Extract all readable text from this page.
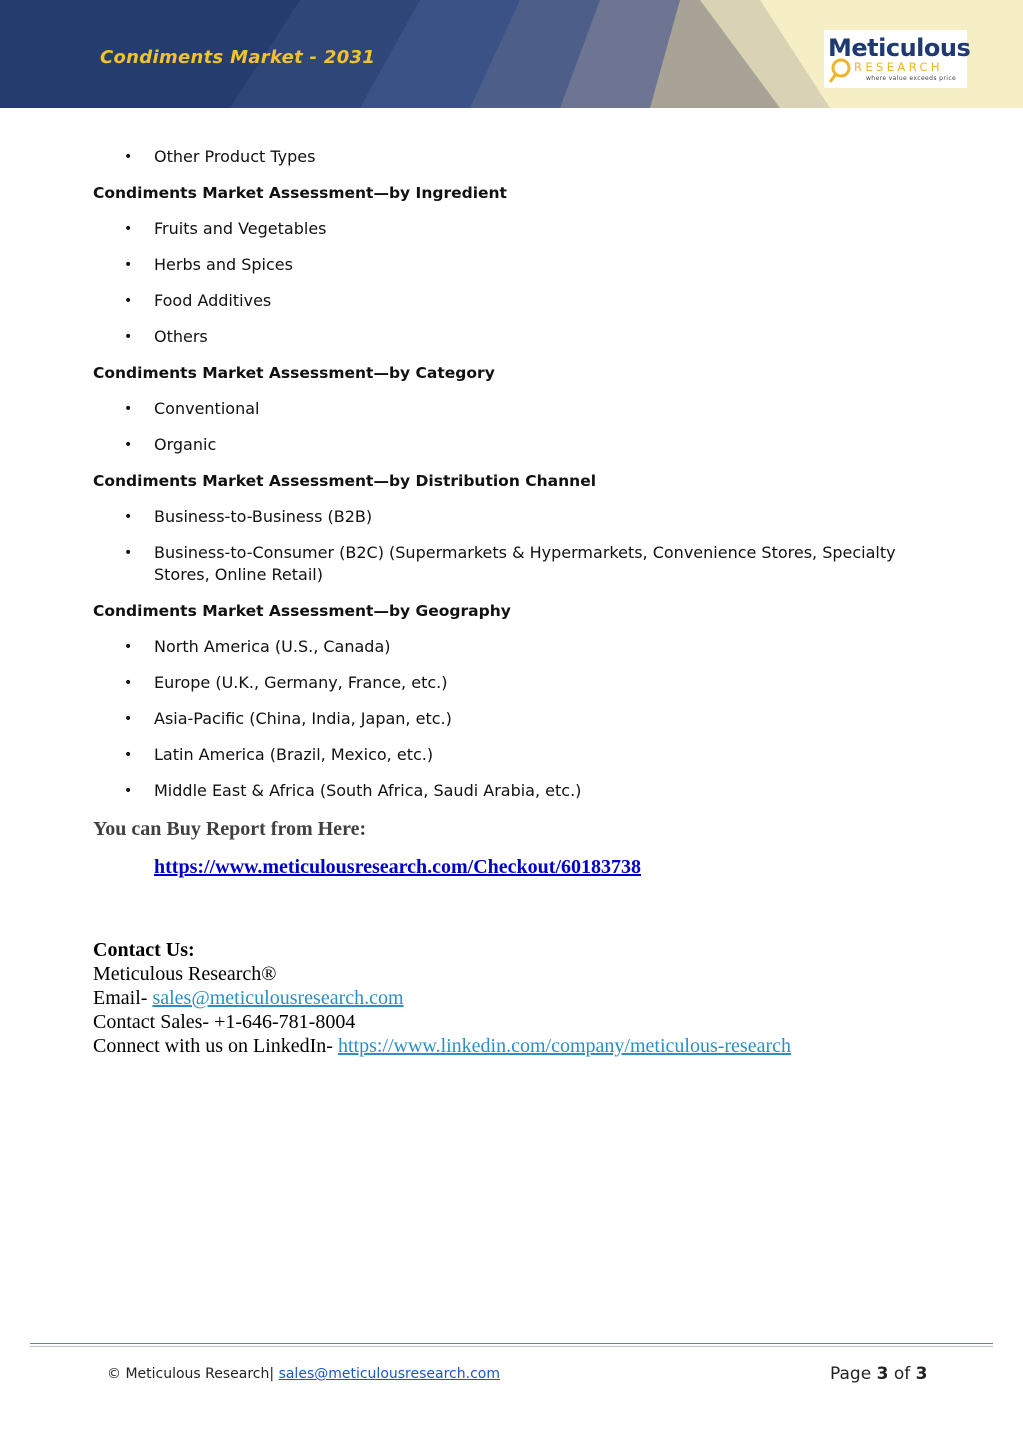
Condiments Market - 2031	Meticulous
RESEARCH
where value exceeds price
• Other Product Types
Condiments Market Assessment—by Ingredient
• Fruits and Vegetables
• Herbs and Spices
• Food Additives
• Others
Condiments Market Assessment—by Category
• Conventional
• Organic
Condiments Market Assessment—by Distribution Channel
• Business-to-Business (B2B)
• Business-to-Consumer (B2C) (Supermarkets & Hypermarkets, Convenience Stores, Specialty Stores, Online Retail)
Condiments Market Assessment—by Geography
• North America (U.S., Canada)
• Europe (U.K., Germany, France, etc.)
• Asia-Pacific (China, India, Japan, etc.)
• Latin America (Brazil, Mexico, etc.)
• Middle East & Africa (South Africa, Saudi Arabia, etc.)
You can Buy Report from Here:
https://www.meticulousresearch.com/Checkout/60183738
Contact Us:
Meticulous Research®
Email- sales@meticulousresearch.com
Contact Sales- +1-646-781-8004
Connect with us on LinkedIn- https://www.linkedin.com/company/meticulous-research
© Meticulous Research| sales@meticulousresearch.com	Page 3 of 3
